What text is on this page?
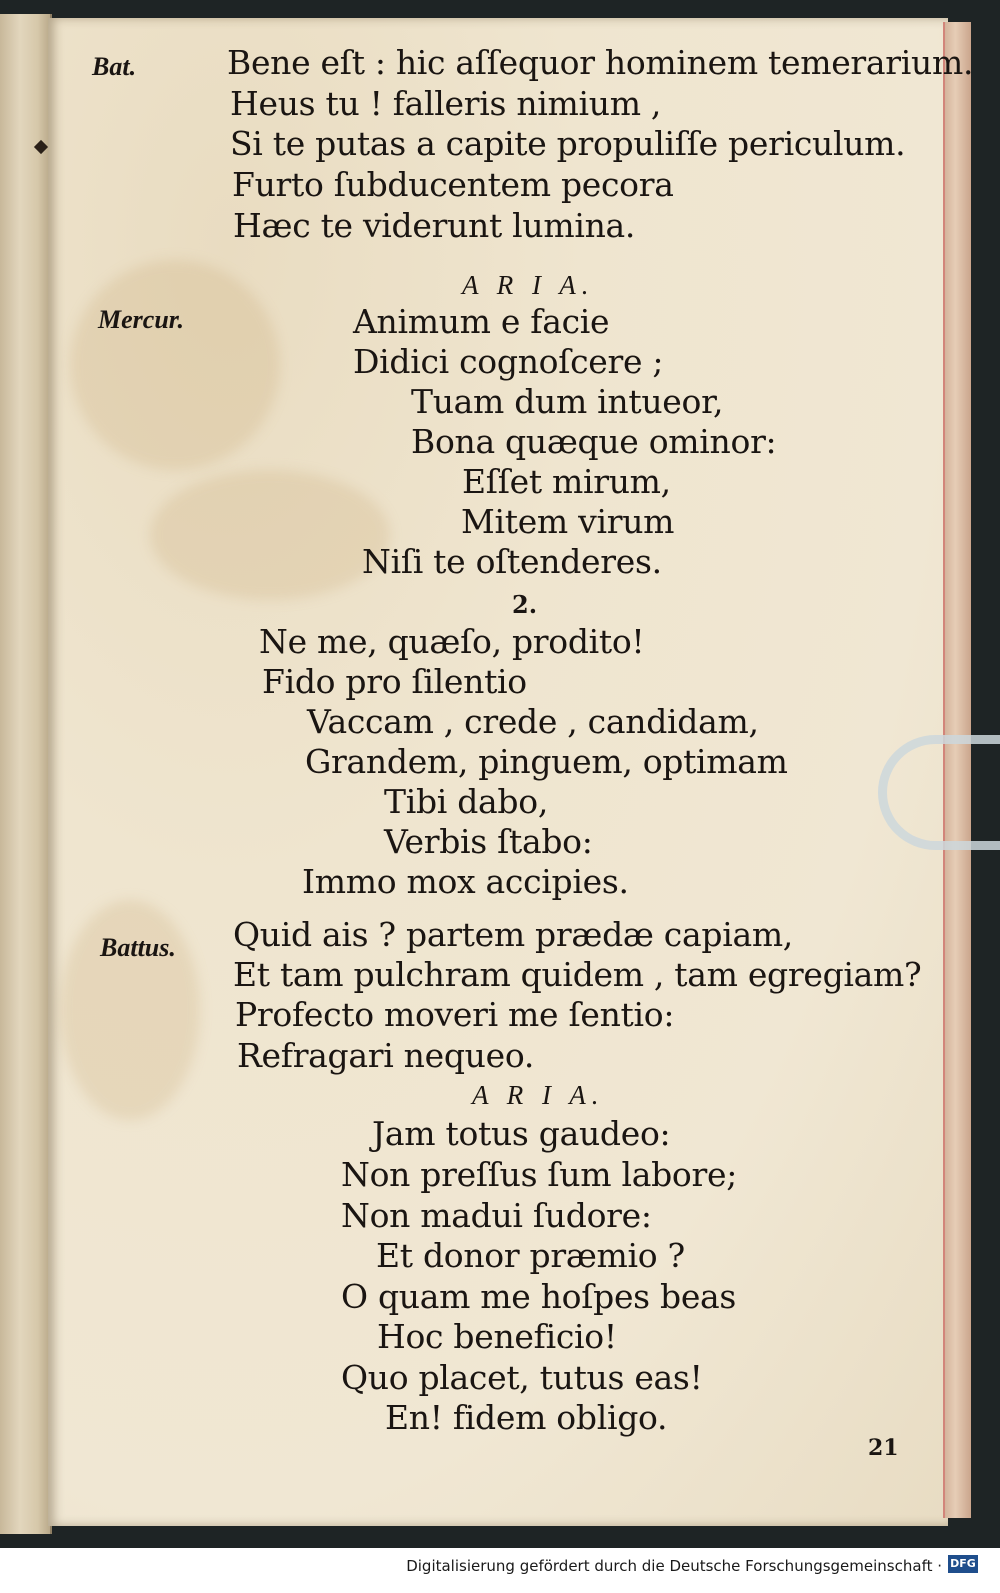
Bat.
Mercur.
Battus.
Bene eſt : hic aſſequor hominem temerarium.
Heus tu ! falleris nimium ,
Si te putas a capite propuliſſe periculum.
Furto ſubducentem pecora
Hæc te viderunt lumina.
A R I A.
Animum e facie
Didici cognoſcere ;
Tuam dum intueor,
Bona quæque ominor:
Eſſet mirum,
Mitem virum
Niſi te oſtenderes.
2.
Ne me, quæſo, prodito!
Fido pro ſilentio
Vaccam , crede , candidam,
Grandem, pinguem, optimam
Tibi dabo,
Verbis ſtabo:
Immo mox accipies.
Quid ais ? partem prædæ capiam,
Et tam pulchram quidem , tam egregiam?
Profecto moveri me ſentio:
Refragari nequeo.
A R I A.
Jam totus gaudeo:
Non preſſus ſum labore;
Non madui ſudore:
Et donor præmio ?
O quam me hoſpes beas
Hoc beneficio!
Quo placet, tutus eas!
En! fidem obligo.
21
Digitalisierung gefördert durch die Deutsche Forschungsgemeinschaft · DFG
